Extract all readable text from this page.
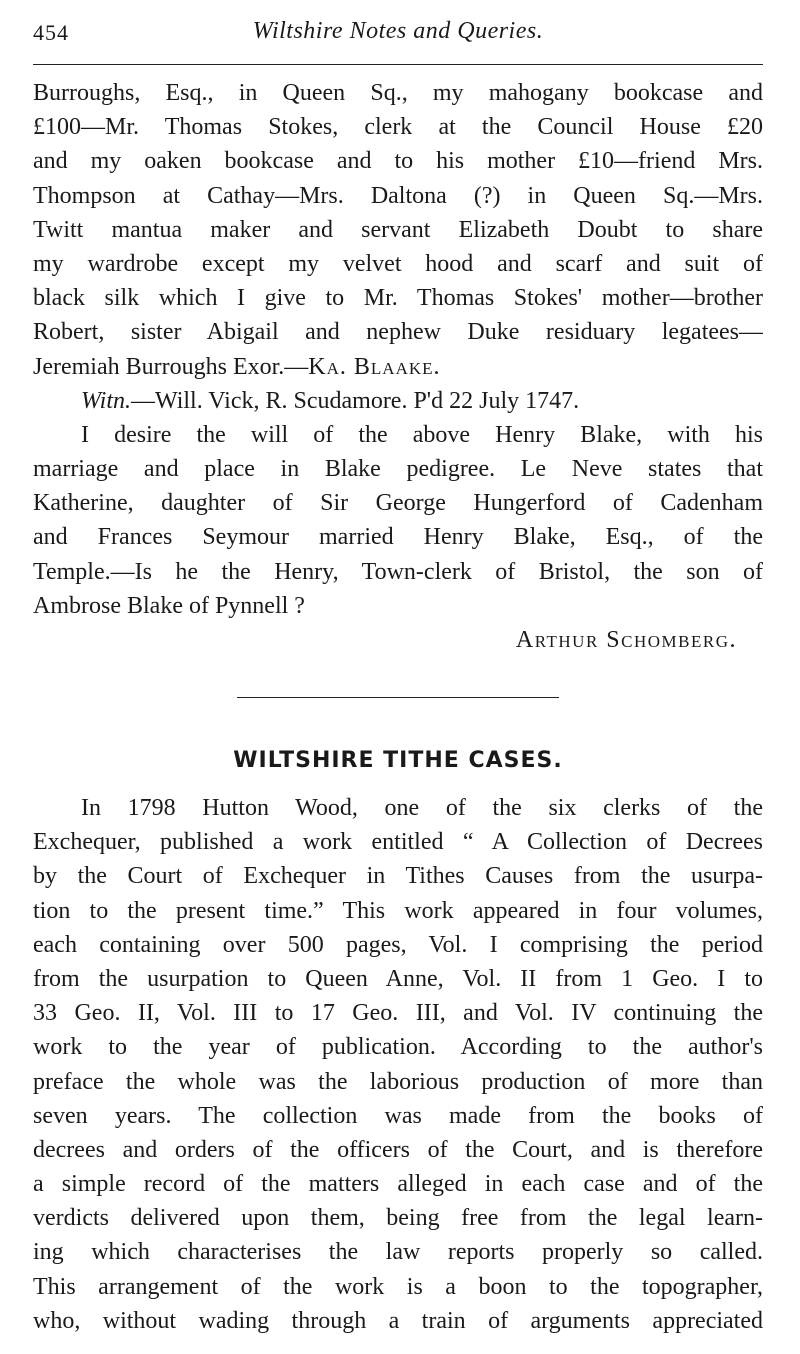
454	Wiltshire Notes and Queries.
Burroughs, Esq., in Queen Sq., my mahogany bookcase and
£100—Mr. Thomas Stokes, clerk at the Council House £20
and my oaken bookcase and to his mother £10—friend Mrs.
Thompson at Cathay—Mrs. Daltona (?) in Queen Sq.—Mrs.
Twitt mantua maker and servant Elizabeth Doubt to share
my wardrobe except my velvet hood and scarf and suit of
black silk which I give to Mr. Thomas Stokes' mother—brother
Robert, sister Abigail and nephew Duke residuary legatees—
Jeremiah Burroughs Exor.—Ka. Blaake.
Witn.—Will. Vick, R. Scudamore. P'd 22 July 1747.
I desire the will of the above Henry Blake, with his
marriage and place in Blake pedigree. Le Neve states that
Katherine, daughter of Sir George Hungerford of Cadenham
and Frances Seymour married Henry Blake, Esq., of the
Temple.—Is he the Henry, Town-clerk of Bristol, the son of
Ambrose Blake of Pynnell ?
Arthur Schomberg.
WILTSHIRE TITHE CASES.
In 1798 Hutton Wood, one of the six clerks of the
Exchequer, published a work entitled “ A Collection of Decrees
by the Court of Exchequer in Tithes Causes from the usurpa-
tion to the present time.” This work appeared in four volumes,
each containing over 500 pages, Vol. I comprising the period
from the usurpation to Queen Anne, Vol. II from 1 Geo. I to
33 Geo. II, Vol. III to 17 Geo. III, and Vol. IV continuing the
work to the year of publication. According to the author's
preface the whole was the laborious production of more than
seven years. The collection was made from the books of
decrees and orders of the officers of the Court, and is therefore
a simple record of the matters alleged in each case and of the
verdicts delivered upon them, being free from the legal learn-
ing which characterises the law reports properly so called.
This arrangement of the work is a boon to the topographer,
who, without wading through a train of arguments appreciated
